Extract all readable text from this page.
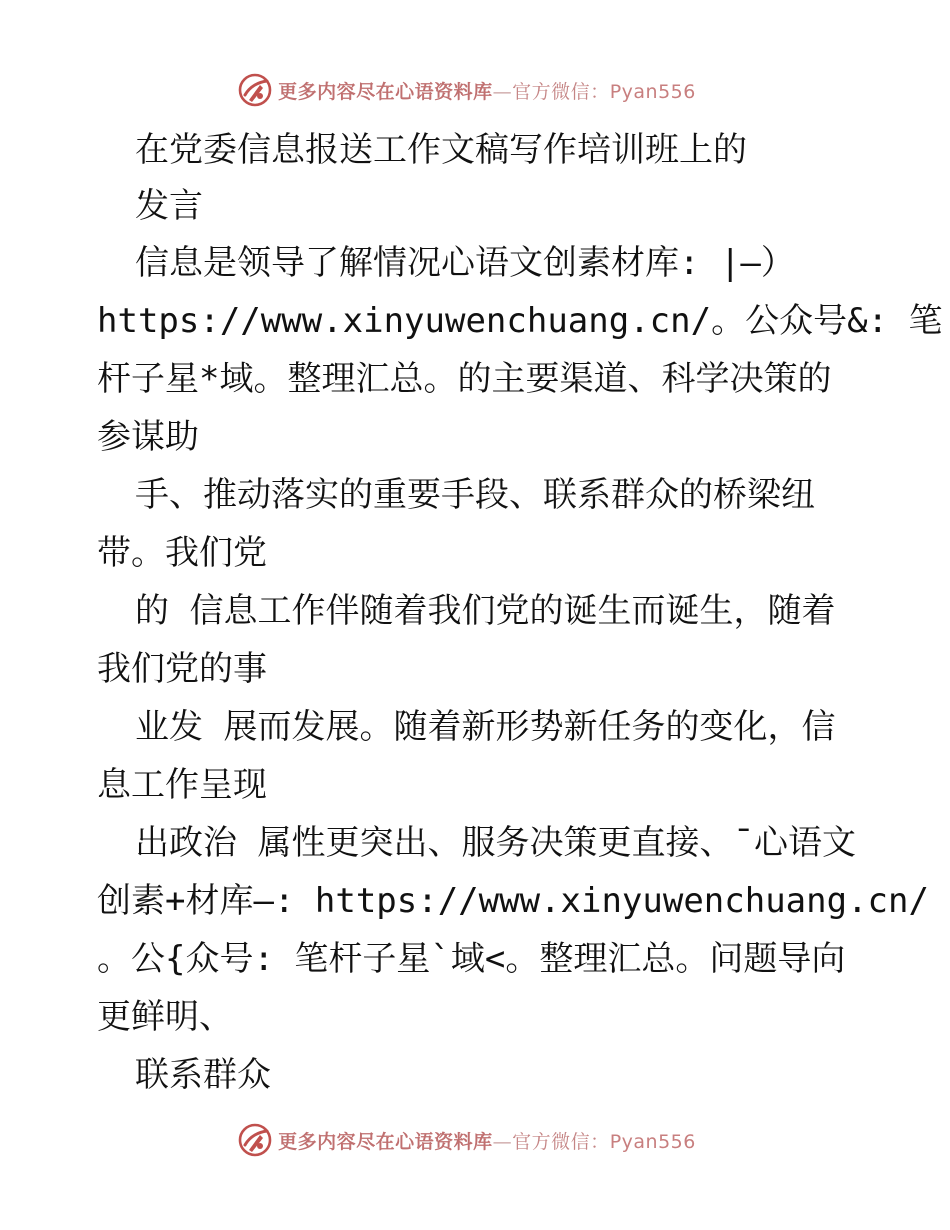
更多内容尽在心语资料库—官方微信：Pyan556
在党委信息报送工作文稿写作培训班上的
发言
信息是领导了解情况心语文创素材库: |—）
https://www.xinyuwenchuang.cn/。公众号&: 笔
杆子星*域。整理汇总。的主要渠道、科学决策的
参谋助
手、推动落实的重要手段、联系群众的桥梁纽
带。我们党
的 信息工作伴随着我们党的诞生而诞生，随着
我们党的事
业发 展而发展。随着新形势新任务的变化，信
息工作呈现
出政治 属性更突出、服务决策更直接、¯心语文
创素+材库—: https://www.xinyuwenchuang.cn/
。公{众号: 笔杆子星`域<。整理汇总。问题导向
更鲜明、
联系群众
更多内容尽在心语资料库—官方微信：Pyan556
